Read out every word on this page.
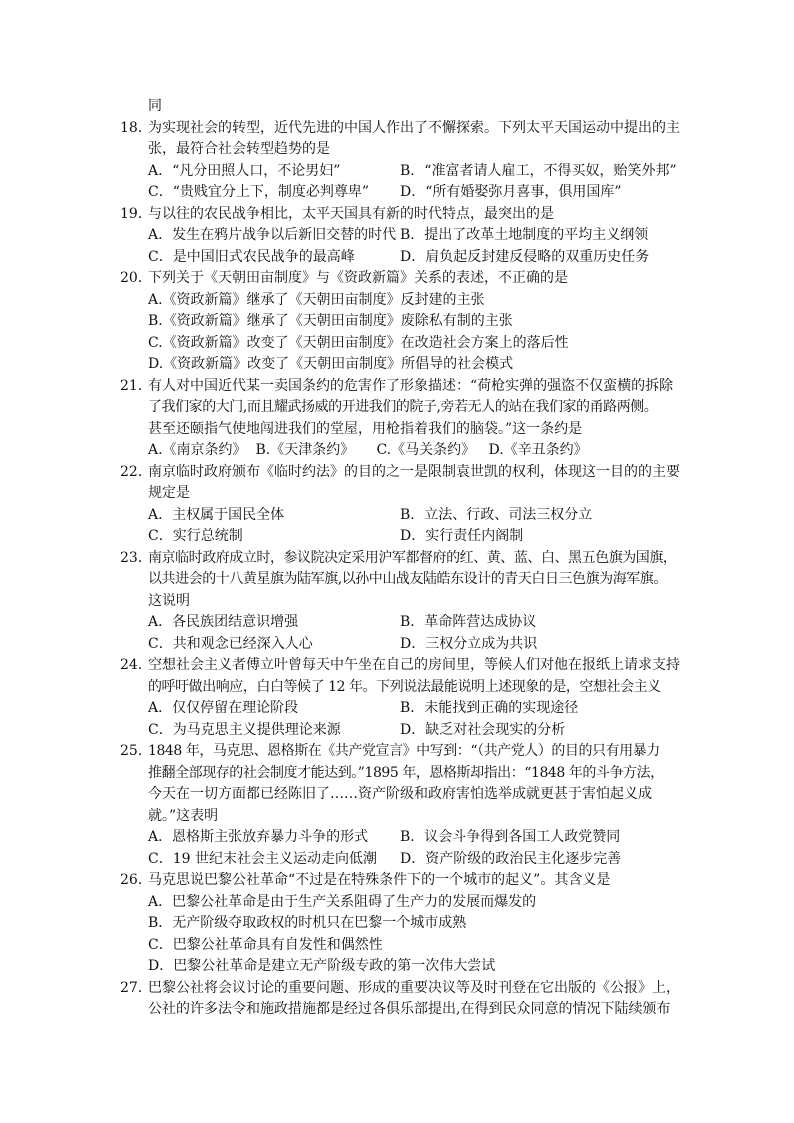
同
18．
为实现社会的转型，近代先进的中国人作出了不懈探索。下列太平天国运动中提出的主
张，最符合社会转型趋势的是
A．“凡分田照人口，不论男妇”	B．“准富者请人雇工，不得买奴，贻笑外邦”
C．“贵贱宜分上下，制度必判尊卑” D．“所有婚娶弥月喜事，俱用国库”
19．
与以往的农民战争相比，太平天国具有新的时代特点，最突出的是
A．发生在鸦片战争以后新旧交替的时代 B．提出了改革土地制度的平均主义纲领
C．是中国旧式农民战争的最高峰	D．肩负起反封建反侵略的双重历史任务
20．
下列关于《天朝田亩制度》与《资政新篇》关系的表述，不正确的是
A.《资政新篇》继承了《天朝田亩制度》反封建的主张
B.《资政新篇》继承了《天朝田亩制度》废除私有制的主张
C.《资政新篇》改变了《天朝田亩制度》在改造社会方案上的落后性
D.《资政新篇》改变了《天朝田亩制度》所倡导的社会模式
21．
有人对中国近代某一卖国条约的危害作了形象描述：“荷枪实弹的强盗不仅蛮横的拆除
了我们家的大门,而且耀武扬威的开进我们的院子,旁若无人的站在我们家的甬路两侧。
甚至还颐指气使地闯进我们的堂屋，用枪指着我们的脑袋。”这一条约是
A.《南京条约》  B.《天津条约》     C.《马关条约》   D.《辛丑条约》
22．
南京临时政府颁布《临时约法》的目的之一是限制袁世凯的权利，体现这一目的的主要
规定是
A．主权属于国民全体	B．立法、行政、司法三权分立
C．实行总统制	D．实行责任内阁制
23．
南京临时政府成立时，参议院决定采用沪军都督府的红、黄、蓝、白、黑五色旗为国旗，
以共进会的十八黄星旗为陆军旗,以孙中山战友陆皓东设计的青天白日三色旗为海军旗。
这说明
A．各民族团结意识增强	B．革命阵营达成协议
C．共和观念已经深入人心	D．三权分立成为共识
24．
空想社会主义者傅立叶曾每天中午坐在自己的房间里，等候人们对他在报纸上请求支持
的呼吁做出响应，白白等候了 12 年。下列说法最能说明上述现象的是，空想社会主义
A．仅仅停留在理论阶段	B．未能找到正确的实现途径
C．为马克思主义提供理论来源	D．缺乏对社会现实的分析
25．
1848 年，马克思、恩格斯在《共产党宣言》中写到：“（共产党人）的目的只有用暴力
推翻全部现存的社会制度才能达到。”1895 年，恩格斯却指出：“1848 年的斗争方法，
今天在一切方面都已经陈旧了……资产阶级和政府害怕选举成就更甚于害怕起义成
就。”这表明
A．恩格斯主张放弃暴力斗争的形式 B．议会斗争得到各国工人政党赞同
C．19 世纪末社会主义运动走向低潮 D．资产阶级的政治民主化逐步完善
26．
马克思说巴黎公社革命“不过是在特殊条件下的一个城市的起义”。其含义是
A．巴黎公社革命是由于生产关系阻碍了生产力的发展而爆发的
B．无产阶级夺取政权的时机只在巴黎一个城市成熟
C．巴黎公社革命具有自发性和偶然性
D．巴黎公社革命是建立无产阶级专政的第一次伟大尝试
27．
巴黎公社将会议讨论的重要问题、形成的重要决议等及时刊登在它出版的《公报》上，
公社的许多法令和施政措施都是经过各俱乐部提出,在得到民众同意的情况下陆续颁布
